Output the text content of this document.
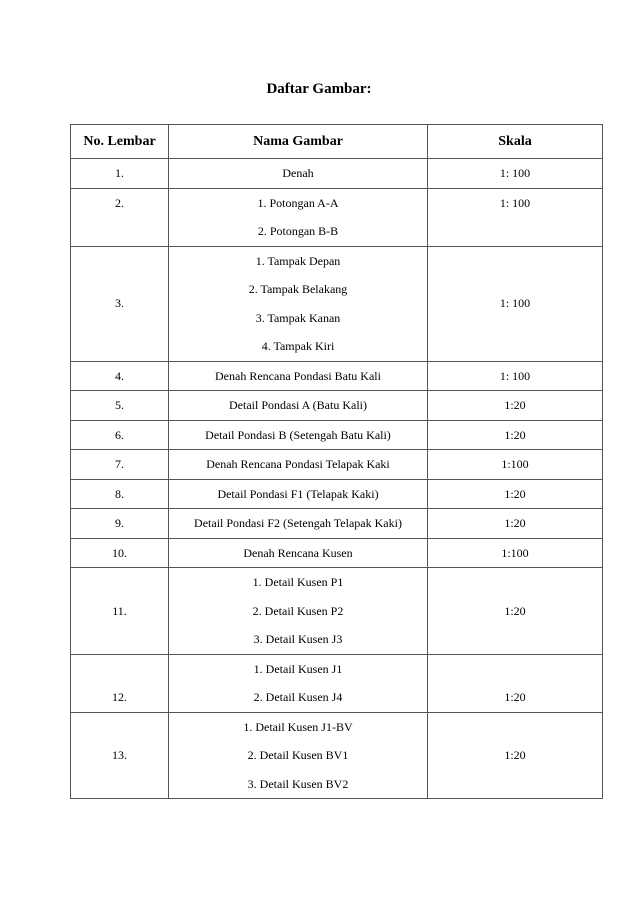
Daftar Gambar:
No. Lembar	Nama Gambar	Skala
1.	Denah	1: 100
2.	1. Potongan A-A
2. Potongan B-B	1: 100
3.	1. Tampak Depan
2. Tampak Belakang
3. Tampak Kanan
4. Tampak Kiri	1: 100
4.	Denah Rencana Pondasi Batu Kali	1: 100
5.	Detail Pondasi A (Batu Kali)	1:20
6.	Detail Pondasi B (Setengah Batu Kali)	1:20
7.	Denah Rencana Pondasi Telapak Kaki	1:100
8.	Detail Pondasi F1 (Telapak Kaki)	1:20
9.	Detail Pondasi F2 (Setengah Telapak Kaki)	1:20
10.	Denah Rencana Kusen	1:100
11.	1. Detail Kusen P1
2. Detail Kusen P2
3. Detail Kusen J3	1:20
12.	1. Detail Kusen J1
2. Detail Kusen J4	1:20
13.	1. Detail Kusen J1-BV
2. Detail Kusen BV1
3. Detail Kusen BV2	1:20
